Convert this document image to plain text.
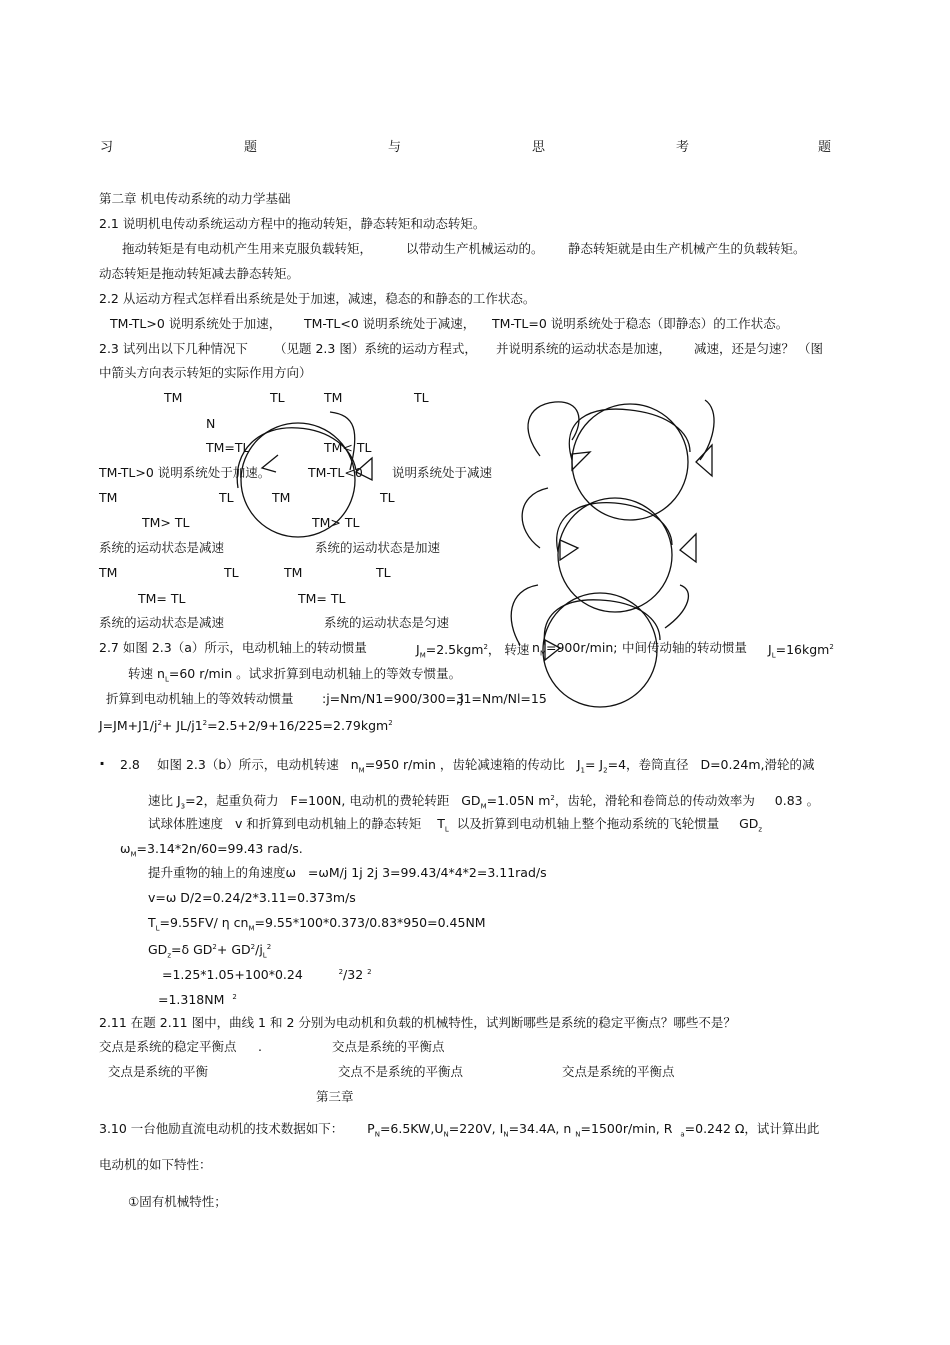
习	题	与	思	考	题
第二章 机电传动系统的动力学基础
2.1 说明机电传动系统运动方程中的拖动转矩，静态转矩和动态转矩。
拖动转矩是有电动机产生用来克服负载转矩，	以带动生产机械运动的。 静态转矩就是由生产机械产生的负载转矩。
动态转矩是拖动转矩减去静态转矩。
2.2 从运动方程式怎样看出系统是处于加速，减速，稳态的和静态的工作状态。
TM-TL>0 说明系统处于加速， TM-TL<0 说明系统处于减速， TM-TL=0 说明系统处于稳态（即静态）的工作状态。
2.3 试列出以下几种情况下 （见题 2.3 图）系统的运动方程式， 并说明系统的运动状态是加速， 减速，还是匀速？ （图
中箭头方向表示转矩的实际作用方向）
TM	TL	TM	TL
N
TM=TL	TM< TL
TM-TL>0 说明系统处于加速。	TM-TL<0 说明系统处于减速
TM	TL	TM	TL
TM> TL	TM> TL
系统的运动状态是减速	系统的运动状态是加速
TM	TL	TM	TL
TM= TL	TM= TL
系统的运动状态是减速	系统的运动状态是匀速
2.7 如图 2.3（a）所示，电动机轴上的转动惯量	$J_M=2.5kgm^2$， 转速 $n_M=900r/\min$; 中间传动轴的转动惯量 $J_L=16kgm^2$
转速 $n_L=60$ r/min 。试求折算到电动机轴上的等效专惯量。
折算到电动机轴上的等效转动惯量 :j=Nm/N1=900/300=3
,j1=Nm/Nl=15
$J=JM+J1/j^2+ JL/j1^2=2.5+2/9+16/225=2.79kgm^2$
· 2.8 如图 2.3（b）所示，电动机转速 $n_M=950$ r/min ，齿轮减速箱的传动比 $J_1= J_2=4$，卷筒直径 D=0.24m,滑轮的减
速比 $J_3=2$，起重负荷力 F=100N, 电动机的费轮转距 $GD_M=1.05N$ $m^2$，齿轮，滑轮和卷筒总的传动效率为 0.83 。
试球体胜速度 v 和折算到电动机轴上的静态转矩 $T_L$ 以及折算到电动机轴上整个拖动系统的飞轮惯量 $GD_z$
$\omega_M=3.14*2n/60=99.43$ rad/s.
提升重物的轴上的角速度ω =ωM/j 1j 2j 3=99.43/4*4*2=3.11rad/s
v=ω D/2=0.24/2*3.11=0.373m/s
$T_L=9.55FV/$ η $cn_M=9.55*100*0.373/0.83*950=0.45NM$
$GD_z=\delta$ $GD^2+ GD^2/j_L^2$
=1.25*1.05+100*0.24	$^2$/32 $^2$
=1.318NM $^2$
2.11 在题 2.11 图中，曲线 1 和 2 分别为电动机和负载的机械特性，试判断哪些是系统的稳定平衡点？哪些不是？
交点是系统的稳定平衡点 .	交点是系统的平衡点
交点是系统的平衡	交点不是系统的平衡点	交点是系统的平衡点
第三章
3.10 一台他励直流电动机的技术数据如下： $P_N=6.5KW,U_N=220V$, $I_N=34.4A$, n $_N$=1500r/min, R $_a$=0.242 Ω，试计算出此
电动机的如下特性：
①固有机械特性；
